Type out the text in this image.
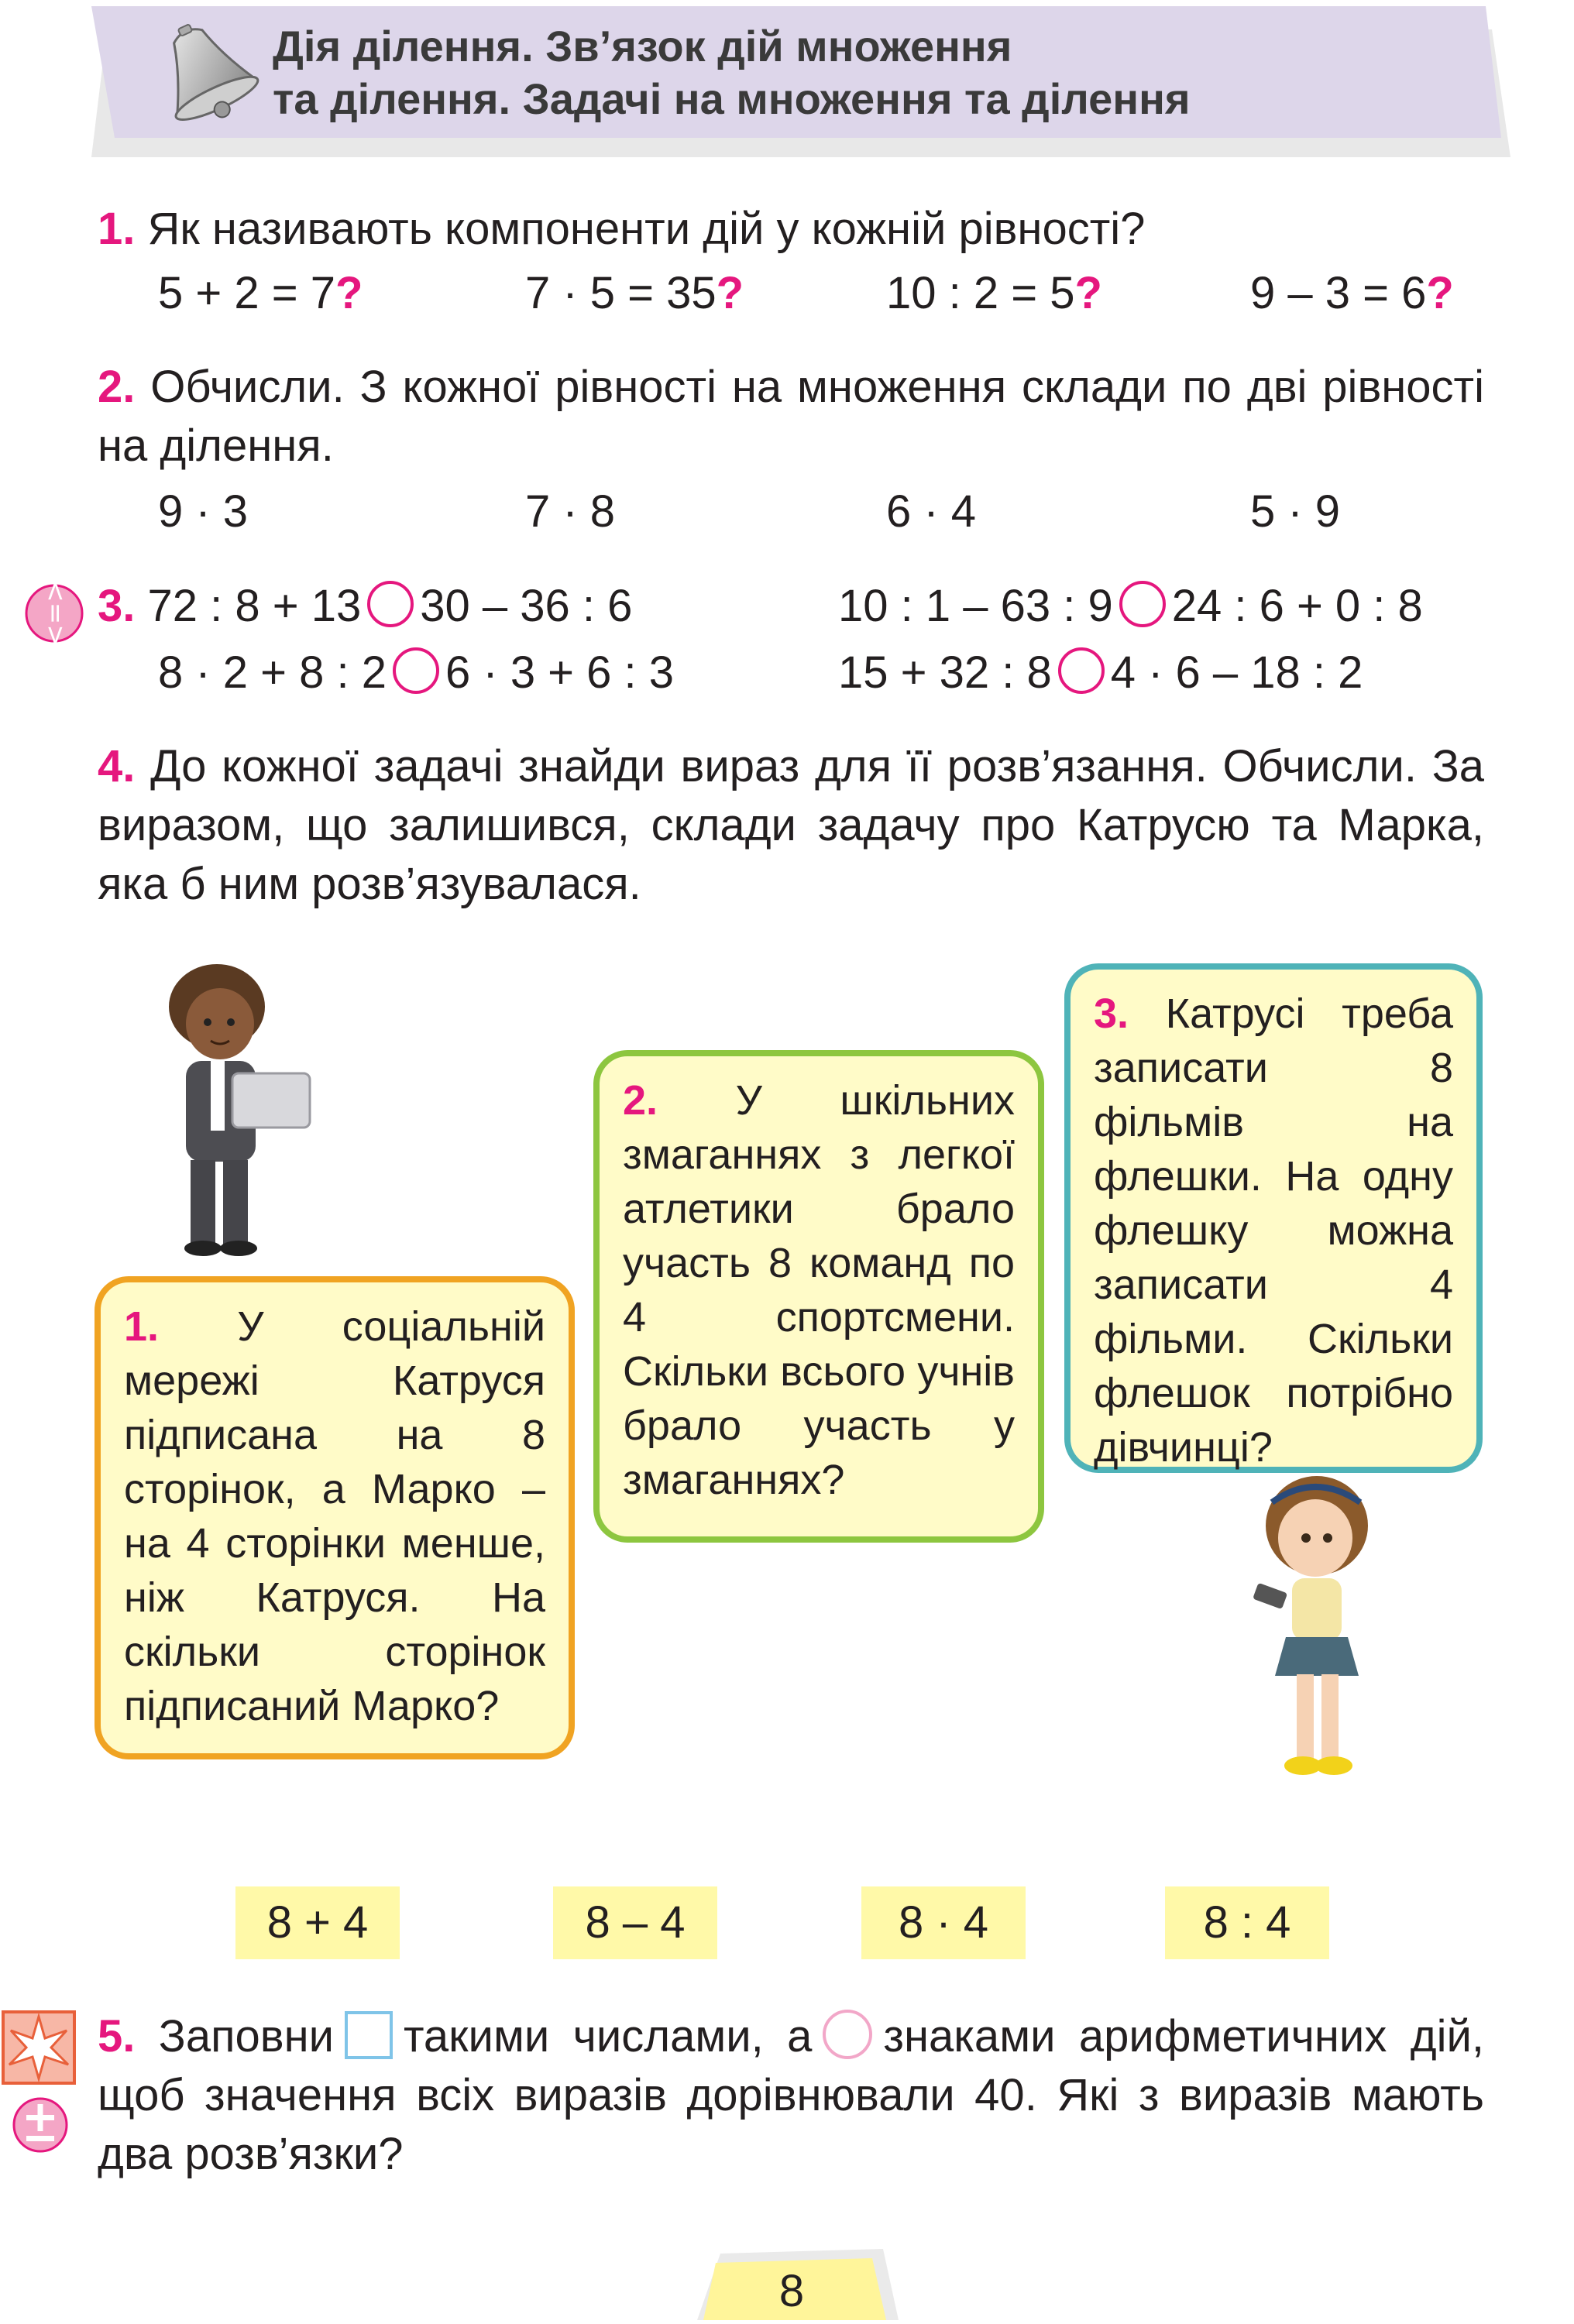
Дія ділення. Зв’язок дій множення
та ділення. Задачі на множення та ділення
1. Як називають компоненти дій у кожній рівності?
5 + 2 = 7?	7 · 5 = 35?	10 : 2 = 5?	9 – 3 = 6?
2. Обчисли. З кожної рівності на множення склади по дві рівності на ділення.
9 · 3	7 · 8	6 · 4	5 · 9
<=> 3. 72 : 8 + 13 30 – 36 : 6	10 : 1 – 63 : 9 24 : 6 + 0 : 8
8 · 2 + 8 : 2 6 · 3 + 6 : 3	15 + 32 : 8 4 · 6 – 18 : 2
4. До кожної задачі знайди вираз для її розв’язання. Обчисли. За виразом, що залишився, склади задачу про Катрусю та Марка, яка б ним розв’язувалася.
1. У соціальній мережі Катруся підписана на 8 сторінок, а Марко – на 4 сторінки менше, ніж Катруся. На скільки сторінок підписаний Марко?
2. У шкільних змаганнях з легкої атлетики брало участь 8 команд по 4 спортсмени. Скільки всього учнів брало участь у змаганнях?
3. Катрусі треба записати 8 фільмів на флешки. На одну флешку можна записати 4 фільми. Скільки флешок потрібно дівчинці?
8 + 4	8 – 4	8 · 4	8 : 4
5. Заповни такими числами, а знаками арифметичних дій, щоб значення всіх виразів дорівнювали 40. Які з виразів мають два розв’язки?
8
